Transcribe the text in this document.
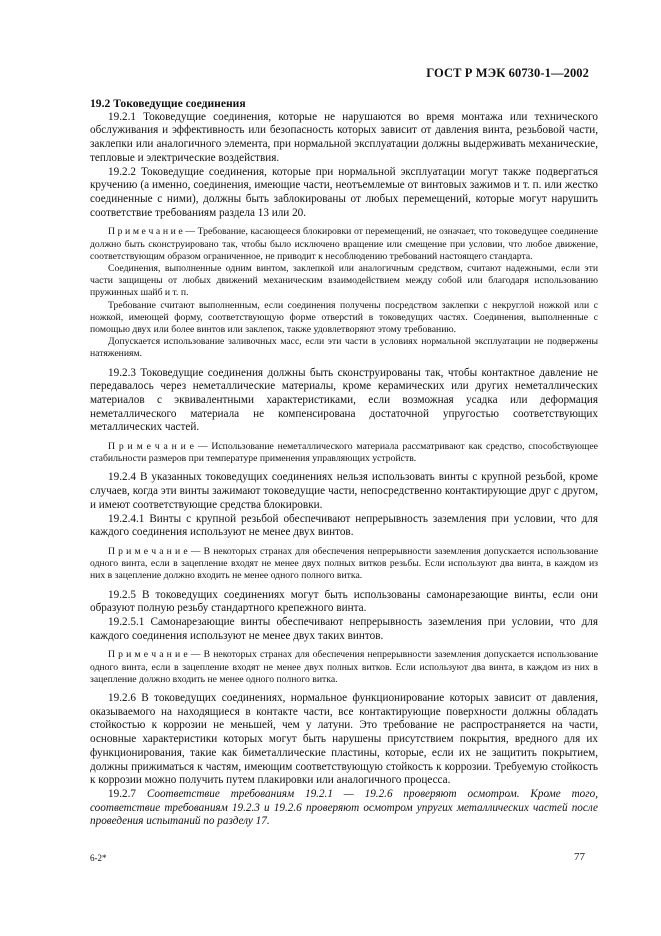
ГОСТ Р МЭК 60730-1—2002

19.2 Токоведущие соединения

19.2.1 Токоведущие соединения, которые не нарушаются во время монтажа или технического обслуживания и эффективность или безопасность которых зависит от давления винта, резьбовой части, заклепки или аналогичного элемента, при нормальной эксплуатации должны выдерживать механические, тепловые и электрические воздействия.

19.2.2 Токоведущие соединения, которые при нормальной эксплуатации могут также подвергаться кручению (а именно, соединения, имеющие части, неотъемлемые от винтовых зажимов и т. п. или жестко соединенные с ними), должны быть заблокированы от любых перемещений, которые могут нарушить соответствие требованиям раздела 13 или 20.

П р и м е ч а н и е — Требование, касающееся блокировки от перемещений, не означает, что токоведущее соединение должно быть сконструировано так, чтобы было исключено вращение или смещение при условии, что любое движение, соответствующим образом ограниченное, не приводит к несоблюдению требований настоящего стандарта.

Соединения, выполненные одним винтом, заклепкой или аналогичным средством, считают надежными, если эти части защищены от любых движений механическим взаимодействием между собой или благодаря использованию пружинных шайб и т. п.

Требование считают выполненным, если соединения получены посредством заклепки с некруглой ножкой или с ножкой, имеющей форму, соответствующую форме отверстий в токоведущих частях. Соединения, выполненные с помощью двух или более винтов или заклепок, также удовлетворяют этому требованию.

Допускается использование заливочных масс, если эти части в условиях нормальной эксплуатации не подвержены натяжениям.

19.2.3 Токоведущие соединения должны быть сконструированы так, чтобы контактное давление не передавалось через неметаллические материалы, кроме керамических или других неметаллических материалов с эквивалентными характеристиками, если возможная усадка или деформация неметаллического материала не компенсирована достаточной упругостью соответствующих металлических частей.

П р и м е ч а н и е — Использование неметаллического материала рассматривают как средство, способствующее стабильности размеров при температуре применения управляющих устройств.

19.2.4 В указанных токоведущих соединениях нельзя использовать винты с крупной резьбой, кроме случаев, когда эти винты зажимают токоведущие части, непосредственно контактирующие друг с другом, и имеют соответствующие средства блокировки.

19.2.4.1 Винты с крупной резьбой обеспечивают непрерывность заземления при условии, что для каждого соединения используют не менее двух винтов.

П р и м е ч а н и е — В некоторых странах для обеспечения непрерывности заземления допускается использование одного винта, если в зацепление входят не менее двух полных витков резьбы. Если используют два винта, в каждом из них в зацепление должно входить не менее одного полного витка.

19.2.5 В токоведущих соединениях могут быть использованы самонарезающие винты, если они образуют полную резьбу стандартного крепежного винта.

19.2.5.1 Самонарезающие винты обеспечивают непрерывность заземления при условии, что для каждого соединения используют не менее двух таких винтов.

П р и м е ч а н и е — В некоторых странах для обеспечения непрерывности заземления допускается использование одного винта, если в зацепление входят не менее двух полных витков. Если используют два винта, в каждом из них в зацепление должно входить не менее одного полного витка.

19.2.6 В токоведущих соединениях, нормальное функционирование которых зависит от давления, оказываемого на находящиеся в контакте части, все контактирующие поверхности должны обладать стойкостью к коррозии не меньшей, чем у латуни. Это требование не распространяется на части, основные характеристики которых могут быть нарушены присутствием покрытия, вредного для их функционирования, такие как биметаллические пластины, которые, если их не защитить покрытием, должны прижиматься к частям, имеющим соответствующую стойкость к коррозии. Требуемую стойкость к коррозии можно получить путем плакировки или аналогичного процесса.

19.2.7 Соответствие требованиям 19.2.1 — 19.2.6 проверяют осмотром. Кроме того, соответствие требованиям 19.2.3 и 19.2.6 проверяют осмотром упругих металлических частей после проведения испытаний по разделу 17.

6-2*	77
